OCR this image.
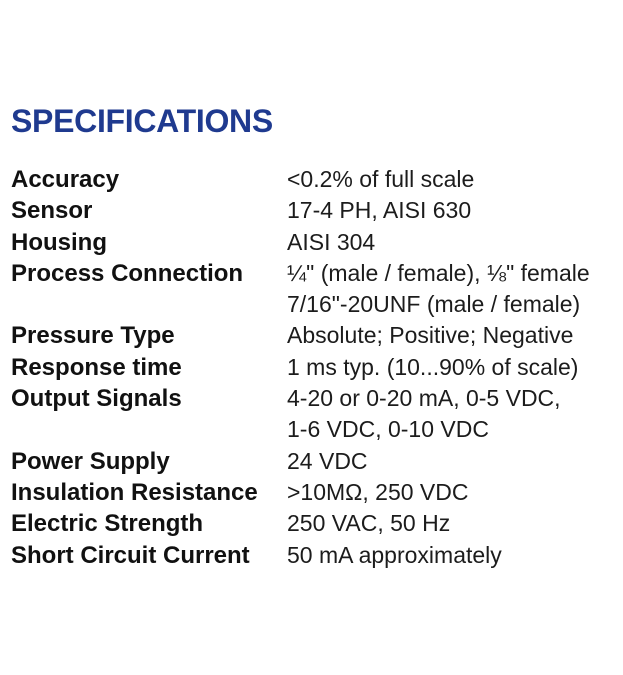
SPECIFICATIONS
Accuracy	<0.2% of full scale
Sensor	17-4 PH, AISI 630
Housing	AISI 304
Process Connection	¼" (male / female), ⅛" female
7/16"-20UNF (male / female)
Pressure Type	Absolute; Positive; Negative
Response time	1 ms typ. (10...90% of scale)
Output Signals	4-20 or 0-20 mA, 0-5 VDC,
1-6 VDC, 0-10 VDC
Power Supply	24 VDC
Insulation Resistance	>10MΩ, 250 VDC
Electric Strength	250 VAC, 50 Hz
Short Circuit Current	50 mA approximately
